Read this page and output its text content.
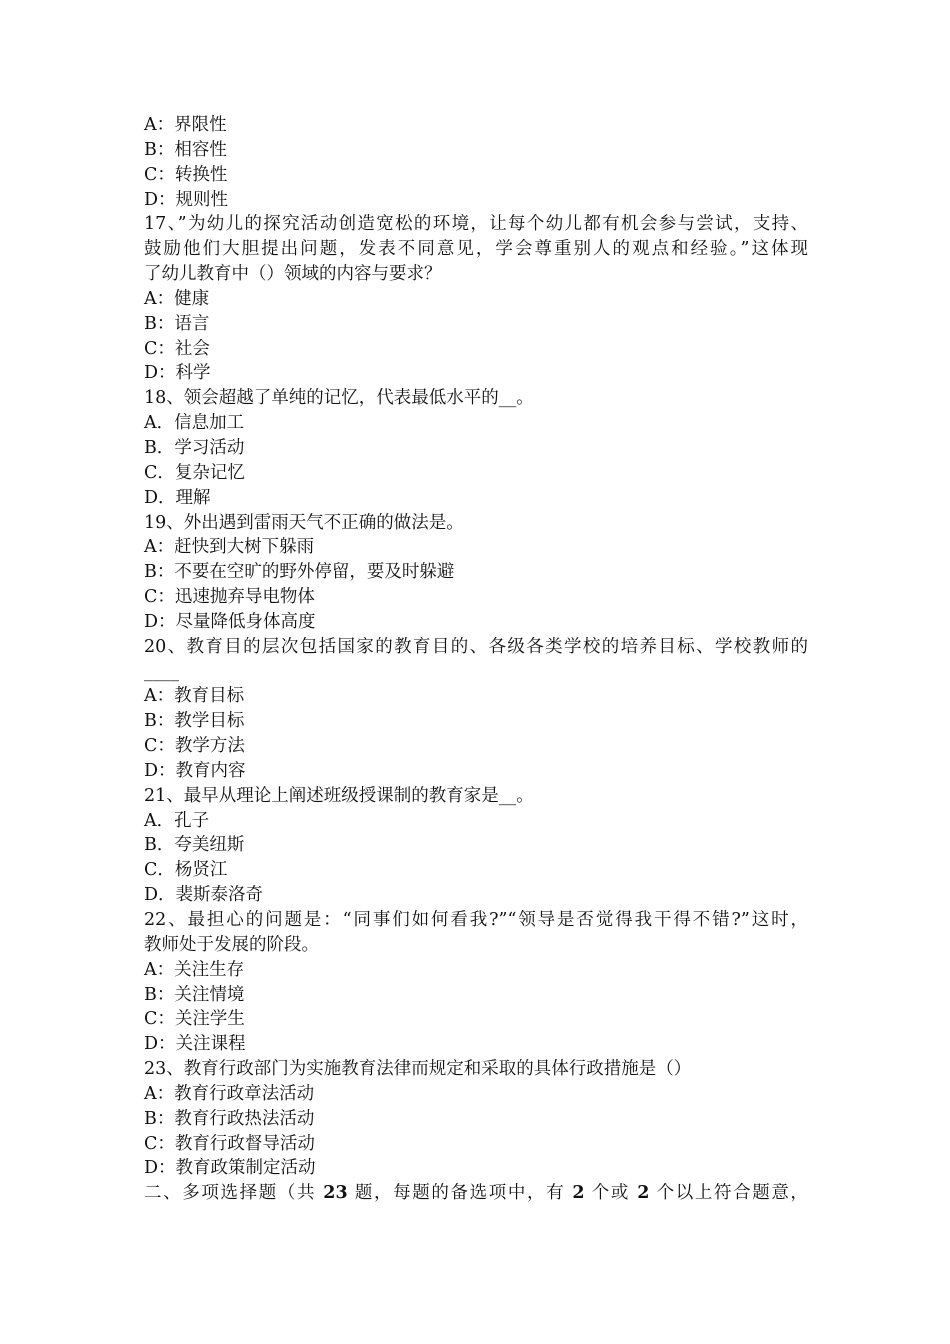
A：界限性
B：相容性
C：转换性
D：规则性
17、”为幼儿的探究活动创造宽松的环境，让每个幼儿都有机会参与尝试，支持、
鼓励他们大胆提出问题，发表不同意见，学会尊重别人的观点和经验。”这体现
了幼儿教育中（）领域的内容与要求？
A：健康
B：语言
C：社会
D：科学
18、领会超越了单纯的记忆，代表最低水平的__。
A．信息加工
B．学习活动
C．复杂记忆
D．理解
19、外出遇到雷雨天气不正确的做法是。
A：赶快到大树下躲雨
B：不要在空旷的野外停留，要及时躲避
C：迅速抛弃导电物体
D：尽量降低身体高度
20、教育目的层次包括国家的教育目的、各级各类学校的培养目标、学校教师的
____
A：教育目标
B：教学目标
C：教学方法
D：教育内容
21、最早从理论上阐述班级授课制的教育家是__。
A．孔子
B．夸美纽斯
C．杨贤江
D．裴斯泰洛奇
22、最担心的问题是：“同事们如何看我?”“领导是否觉得我干得不错?”这时，
教师处于发展的阶段。
A：关注生存
B：关注情境
C：关注学生
D：关注课程
23、教育行政部门为实施教育法律而规定和采取的具体行政措施是（）
A：教育行政章法活动
B：教育行政热法活动
C：教育行政督导活动
D：教育政策制定活动
二、多项选择题（共 23 题，每题的备选项中，有 2 个或 2 个以上符合题意，
